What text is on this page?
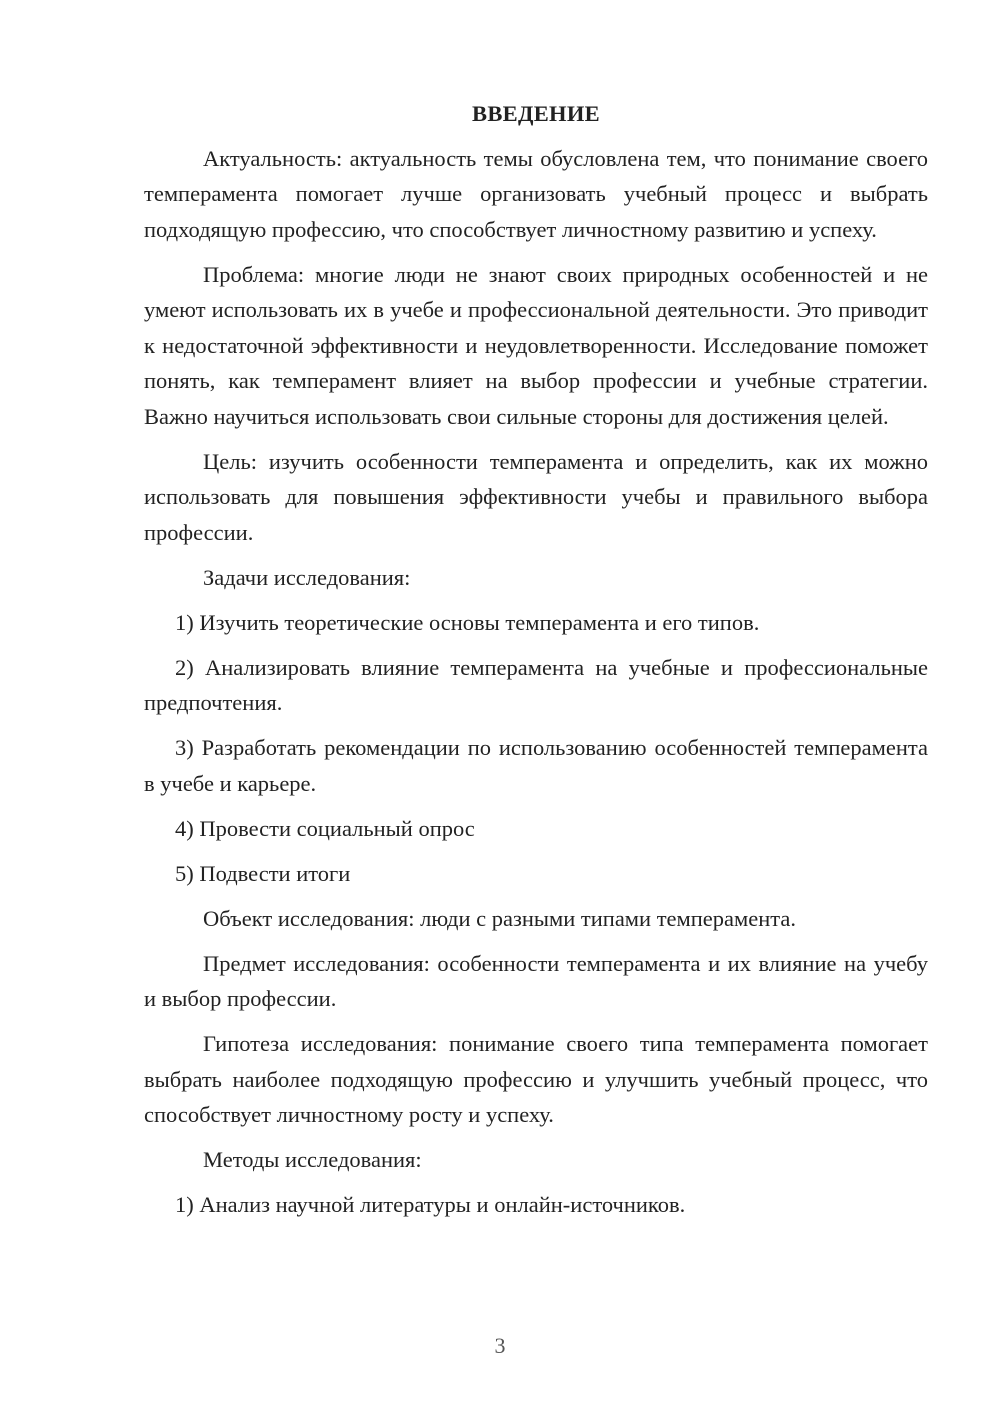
ВВЕДЕНИЕ

Актуальность: актуальность темы обусловлена тем, что понимание своего темперамента помогает лучше организовать учебный процесс и выбрать подходящую профессию, что способствует личностному развитию и успеху.

Проблема: многие люди не знают своих природных особенностей и не умеют использовать их в учебе и профессиональной деятельности. Это приводит к недостаточной эффективности и неудовлетворенности. Исследование поможет понять, как темперамент влияет на выбор профессии и учебные стратегии. Важно научиться использовать свои сильные стороны для достижения целей.

Цель: изучить особенности темперамента и определить, как их можно использовать для повышения эффективности учебы и правильного выбора профессии.

Задачи исследования:

1) Изучить теоретические основы темперамента и его типов.

2) Анализировать влияние темперамента на учебные и профессиональные предпочтения.

3) Разработать рекомендации по использованию особенностей темперамента в учебе и карьере.

4) Провести социальный опрос

5) Подвести итоги

Объект исследования: люди с разными типами темперамента.

Предмет исследования: особенности темперамента и их влияние на учебу и выбор профессии.

Гипотеза исследования: понимание своего типа темперамента помогает выбрать наиболее подходящую профессию и улучшить учебный процесс, что способствует личностному росту и успеху.

Методы исследования:

1) Анализ научной литературы и онлайн-источников.

3
